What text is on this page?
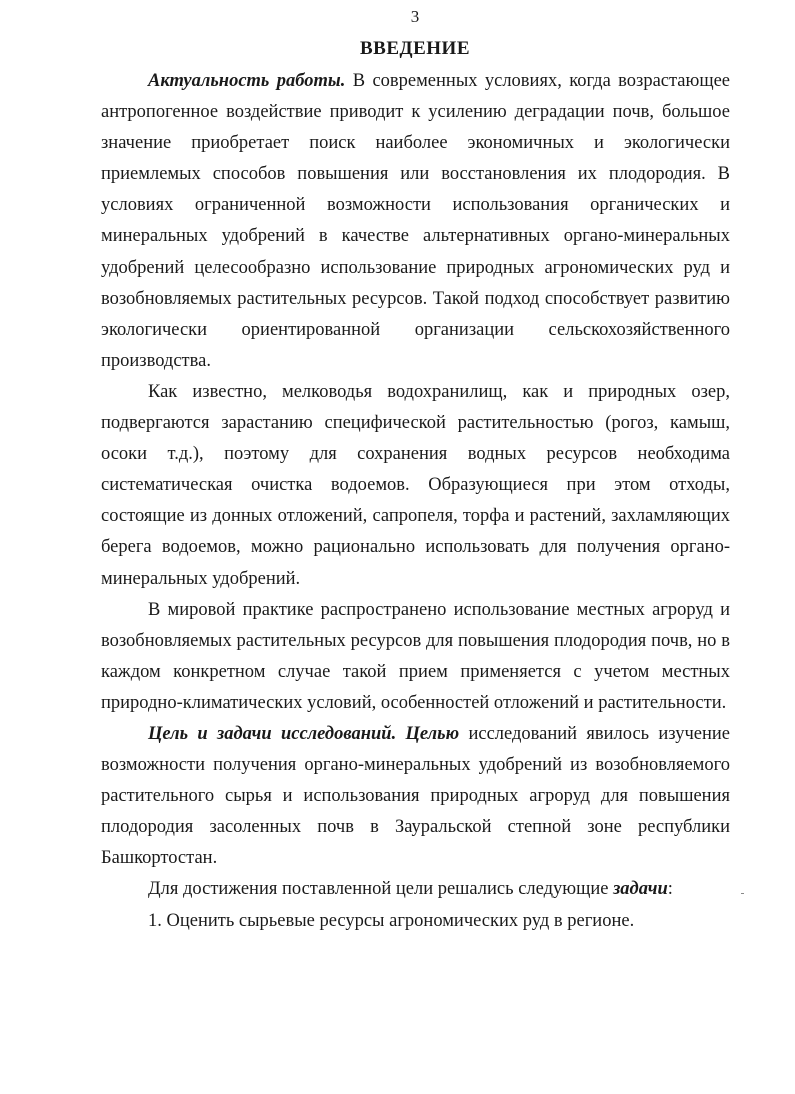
3
ВВЕДЕНИЕ

Актуальность работы. В современных условиях, когда возрастающее антропогенное воздействие приводит к усилению деградации почв, большое значение приобретает поиск наиболее экономичных и экологически приемлемых способов повышения или восстановления их плодородия. В условиях ограниченной возможности использования органических и минеральных удобрений в качестве альтернативных органо-минеральных удобрений целесообразно использование природных агрономических руд и возобновляемых растительных ресурсов. Такой подход способствует развитию экологически ориентированной организации сельскохозяйственного производства.

Как известно, мелководья водохранилищ, как и природных озер, подвергаются зарастанию специфической растительностью (рогоз, камыш, осоки т.д.), поэтому для сохранения водных ресурсов необходима систематическая очистка водоемов. Образующиеся при этом отходы, состоящие из донных отложений, сапропеля, торфа и растений, захламляющих берега водоемов, можно рационально использовать для получения органо-минеральных удобрений.

В мировой практике распространено использование местных агроруд и возобновляемых растительных ресурсов для повышения плодородия почв, но в каждом конкретном случае такой прием применяется с учетом местных природно-климатических условий, особенностей отложений и растительности.

Цель и задачи исследований. Целью исследований явилось изучение возможности получения органо-минеральных удобрений из возобновляемого растительного сырья и использования природных агроруд для повышения плодородия засоленных почв в Зауральской степной зоне республики Башкортостан.

Для достижения поставленной цели решались следующие задачи:

1. Оценить сырьевые ресурсы агрономических руд в регионе.
